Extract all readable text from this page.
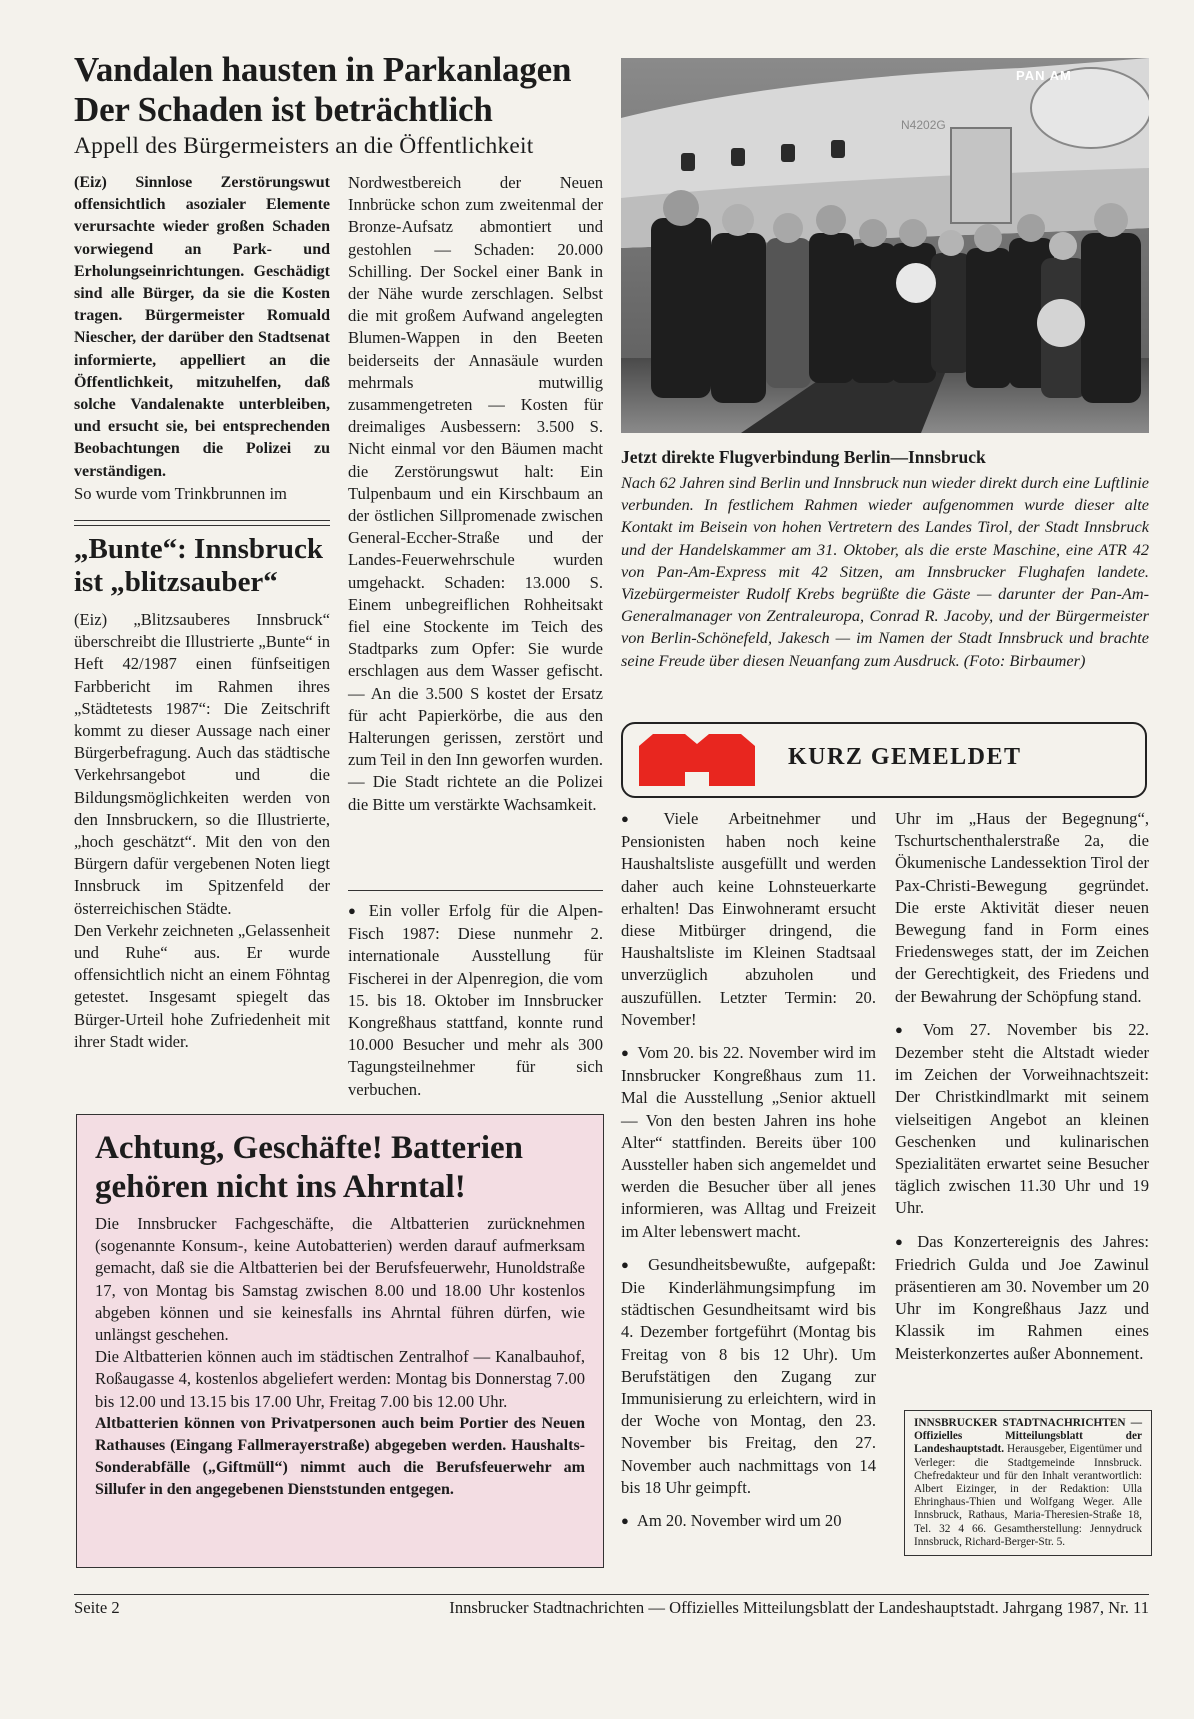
Vandalen hausten in Parkanlagen
Der Schaden ist beträchtlich
Appell des Bürgermeisters an die Öffentlichkeit

(Eiz) Sinnlose Zerstörungswut offensichtlich asozialer Elemente verursachte wieder großen Schaden vorwiegend an Park- und Erholungseinrichtungen. Geschädigt sind alle Bürger, da sie die Kosten tragen. Bürgermeister Romuald Niescher, der darüber den Stadtsenat informierte, appelliert an die Öffentlichkeit, mitzuhelfen, daß solche Vandalenakte unterbleiben, und ersucht sie, bei entsprechenden Beobachtungen die Polizei zu verständigen.

So wurde vom Trinkbrunnen im

„Bunte“: Innsbruck
ist „blitzsauber“

(Eiz) „Blitzsauberes Innsbruck“ überschreibt die Illustrierte „Bunte“ in Heft 42/1987 einen fünfseitigen Farbbericht im Rahmen ihres „Städtetests 1987“: Die Zeitschrift kommt zu dieser Aussage nach einer Bürgerbefragung. Auch das städtische Verkehrsangebot und die Bildungsmöglichkeiten werden von den Innsbruckern, so die Illustrierte, „hoch geschätzt“. Mit den von den Bürgern dafür vergebenen Noten liegt Innsbruck im Spitzenfeld der österreichischen Städte.

Den Verkehr zeichneten „Gelassenheit und Ruhe“ aus. Er wurde offensichtlich nicht an einem Föhntag getestet. Insgesamt spiegelt das Bürger-Urteil hohe Zufriedenheit mit ihrer Stadt wider.

Nordwestbereich der Neuen Innbrücke schon zum zweitenmal der Bronze-Aufsatz abmontiert und gestohlen — Schaden: 20.000 Schilling. Der Sockel einer Bank in der Nähe wurde zerschlagen. Selbst die mit großem Aufwand angelegten Blumen-Wappen in den Beeten beiderseits der Annasäule wurden mehrmals mutwillig zusammengetreten — Kosten für dreimaliges Ausbessern: 3.500 S. Nicht einmal vor den Bäumen macht die Zerstörungswut halt: Ein Tulpenbaum und ein Kirschbaum an der östlichen Sillpromenade zwischen General-Eccher-Straße und der Landes-Feuerwehrschule wurden umgehackt. Schaden: 13.000 S. Einem unbegreiflichen Rohheitsakt fiel eine Stockente im Teich des Stadtparks zum Opfer: Sie wurde erschlagen aus dem Wasser gefischt. — An die 3.500 S kostet der Ersatz für acht Papierkörbe, die aus den Halterungen gerissen, zerstört und zum Teil in den Inn geworfen wurden. — Die Stadt richtete an die Polizei die Bitte um verstärkte Wachsamkeit.

● Ein voller Erfolg für die Alpen-Fisch 1987: Diese nunmehr 2. internationale Ausstellung für Fischerei in der Alpenregion, die vom 15. bis 18. Oktober im Innsbrucker Kongreßhaus stattfand, konnte rund 10.000 Besucher und mehr als 300 Tagungsteilnehmer für sich verbuchen.

PAN AM
N4202G
Jetzt direkte Flugverbindung Berlin—Innsbruck

Nach 62 Jahren sind Berlin und Innsbruck nun wieder direkt durch eine Luftlinie verbunden. In festlichem Rahmen wieder aufgenommen wurde dieser alte Kontakt im Beisein von hohen Vertretern des Landes Tirol, der Stadt Innsbruck und der Handelskammer am 31. Oktober, als die erste Maschine, eine ATR 42 von Pan-Am-Express mit 42 Sitzen, am Innsbrucker Flughafen landete. Vizebürgermeister Rudolf Krebs begrüßte die Gäste — darunter der Pan-Am-Generalmanager von Zentraleuropa, Conrad R. Jacoby, und der Bürgermeister von Berlin-Schönefeld, Jakesch — im Namen der Stadt Innsbruck und brachte seine Freude über diesen Neuanfang zum Ausdruck. (Foto: Birbaumer)

KURZ GEMELDET

● Viele Arbeitnehmer und Pensionisten haben noch keine Haushaltsliste ausgefüllt und werden daher auch keine Lohnsteuerkarte erhalten! Das Einwohneramt ersucht diese Mitbürger dringend, die Haushaltsliste im Kleinen Stadtsaal unverzüglich abzuholen und auszufüllen. Letzter Termin: 20. November!

● Vom 20. bis 22. November wird im Innsbrucker Kongreßhaus zum 11. Mal die Ausstellung „Senior aktuell — Von den besten Jahren ins hohe Alter“ stattfinden. Bereits über 100 Aussteller haben sich angemeldet und werden die Besucher über all jenes informieren, was Alltag und Freizeit im Alter lebenswert macht.

● Gesundheitsbewußte, aufgepaßt: Die Kinderlähmungsimpfung im städtischen Gesundheitsamt wird bis 4. Dezember fortgeführt (Montag bis Freitag von 8 bis 12 Uhr). Um Berufstätigen den Zugang zur Immunisierung zu erleichtern, wird in der Woche von Montag, den 23. November bis Freitag, den 27. November auch nachmittags von 14 bis 18 Uhr geimpft.

● Am 20. November wird um 20

Uhr im „Haus der Begegnung“, Tschurtschenthalerstraße 2a, die Ökumenische Landessektion Tirol der Pax-Christi-Bewegung gegründet. Die erste Aktivität dieser neuen Bewegung fand in Form eines Friedensweges statt, der im Zeichen der Gerechtigkeit, des Friedens und der Bewahrung der Schöpfung stand.

● Vom 27. November bis 22. Dezember steht die Altstadt wieder im Zeichen der Vorweihnachtszeit: Der Christkindlmarkt mit seinem vielseitigen Angebot an kleinen Geschenken und kulinarischen Spezialitäten erwartet seine Besucher täglich zwischen 11.30 Uhr und 19 Uhr.

● Das Konzertereignis des Jahres: Friedrich Gulda und Joe Zawinul präsentieren am 30. November um 20 Uhr im Kongreßhaus Jazz und Klassik im Rahmen eines Meisterkonzertes außer Abonnement.

INNSBRUCKER STADTNACHRICHTEN — Offizielles Mitteilungsblatt der Landeshauptstadt. Herausgeber, Eigentümer und Verleger: die Stadtgemeinde Innsbruck. Chefredakteur und für den Inhalt verantwortlich: Albert Eizinger, in der Redaktion: Ulla Ehringhaus-Thien und Wolfgang Weger. Alle Innsbruck, Rathaus, Maria-Theresien-Straße 18, Tel. 32 4 66. Gesamtherstellung: Jennydruck Innsbruck, Richard-Berger-Str. 5.
Achtung, Geschäfte! Batterien
gehören nicht ins Ahrntal!

Die Innsbrucker Fachgeschäfte, die Altbatterien zurücknehmen (sogenannte Konsum-, keine Autobatterien) werden darauf aufmerksam gemacht, daß sie die Altbatterien bei der Berufsfeuerwehr, Hunoldstraße 17, von Montag bis Samstag zwischen 8.00 und 18.00 Uhr kostenlos abgeben können und sie keinesfalls ins Ahrntal führen dürfen, wie unlängst geschehen.

Die Altbatterien können auch im städtischen Zentralhof — Kanalbauhof, Roßaugasse 4, kostenlos abgeliefert werden: Montag bis Donnerstag 7.00 bis 12.00 und 13.15 bis 17.00 Uhr, Freitag 7.00 bis 12.00 Uhr.

Altbatterien können von Privatpersonen auch beim Portier des Neuen Rathauses (Eingang Fallmerayerstraße) abgegeben werden. Haushalts-Sonderabfälle („Giftmüll“) nimmt auch die Berufsfeuerwehr am Sillufer in den angegebenen Dienststunden entgegen.

Seite 2	Innsbrucker Stadtnachrichten — Offizielles Mitteilungsblatt der Landeshauptstadt. Jahrgang 1987, Nr. 11
